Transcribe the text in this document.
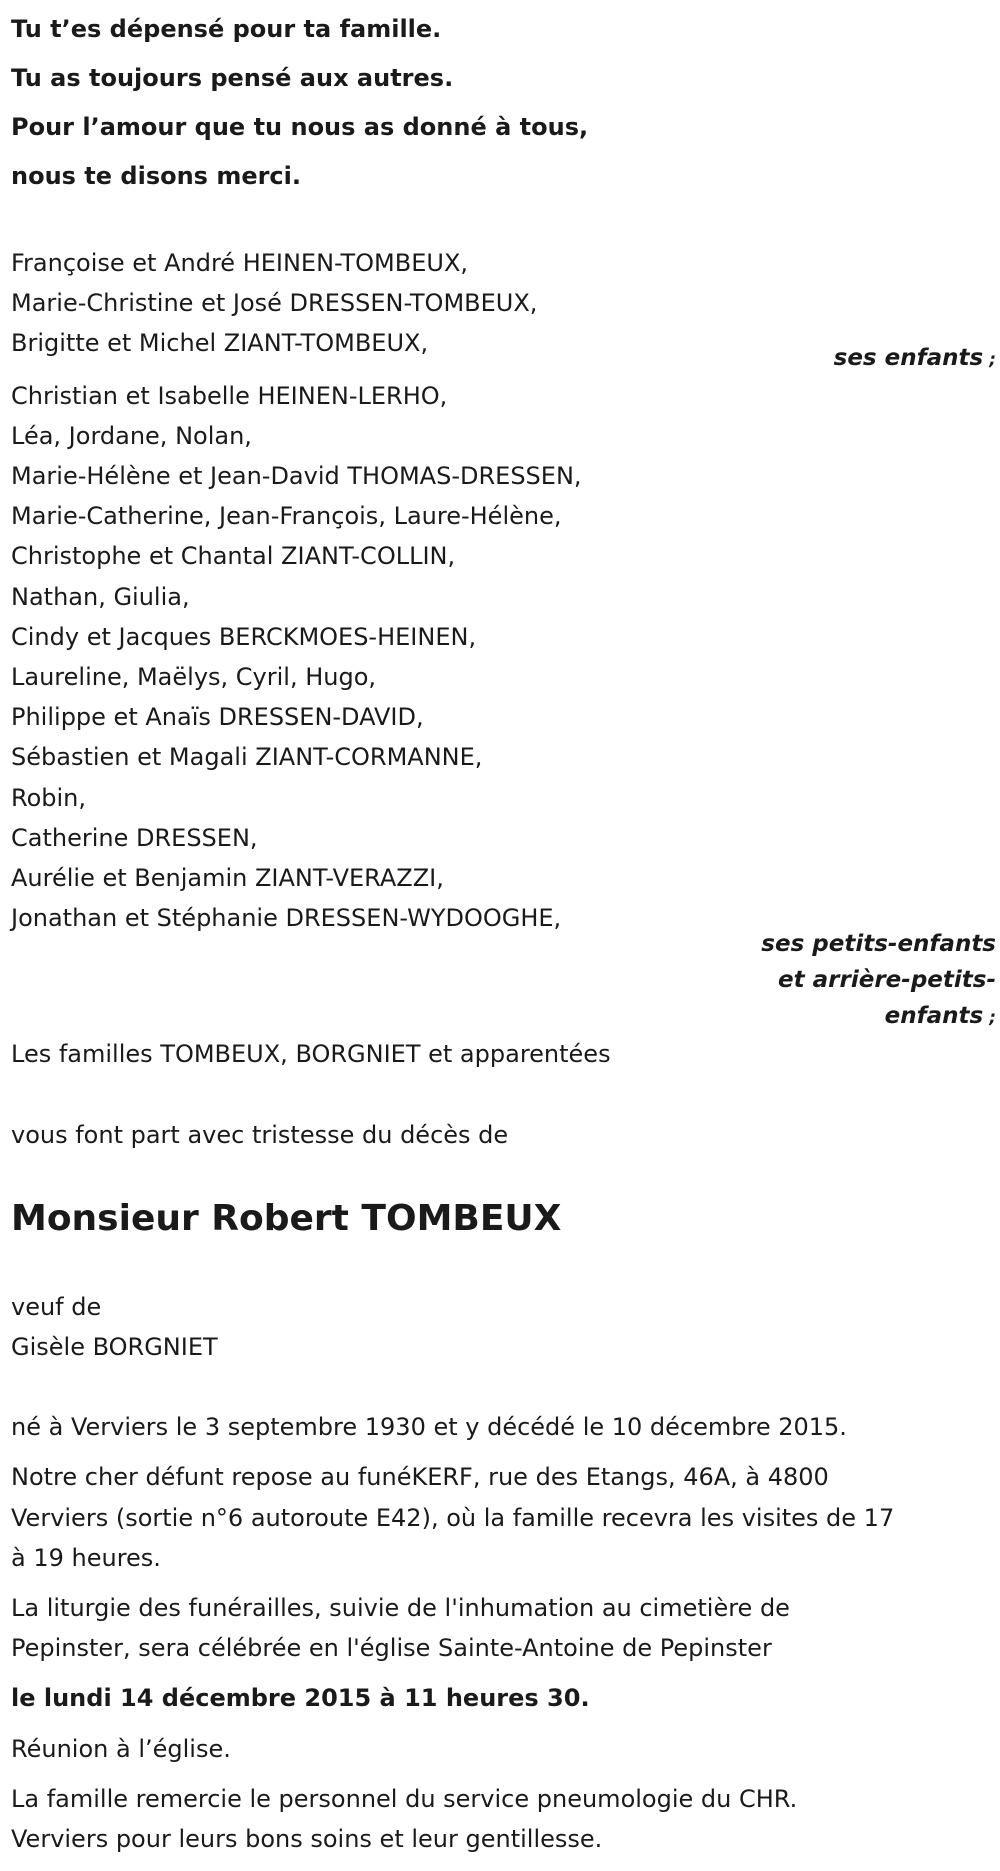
Tu t’es dépensé pour ta famille.
Tu as toujours pensé aux autres.
Pour l’amour que tu nous as donné à tous,
nous te disons merci.
Françoise et André HEINEN-TOMBEUX,
Marie-Christine et José DRESSEN-TOMBEUX,
Brigitte et Michel ZIANT-TOMBEUX,
ses enfants ;
Christian et Isabelle HEINEN-LERHO,
Léa, Jordane, Nolan,
Marie-Hélène et Jean-David THOMAS-DRESSEN,
Marie-Catherine, Jean-François, Laure-Hélène,
Christophe et Chantal ZIANT-COLLIN,
Nathan, Giulia,
Cindy et Jacques BERCKMOES-HEINEN,
Laureline, Maëlys, Cyril, Hugo,
Philippe et Anaïs DRESSEN-DAVID,
Sébastien et Magali ZIANT-CORMANNE,
Robin,
Catherine DRESSEN,
Aurélie et Benjamin ZIANT-VERAZZI,
Jonathan et Stéphanie DRESSEN-WYDOOGHE,
ses petits-enfants
et arrière-petits-
enfants ;
Les familles TOMBEUX, BORGNIET et apparentées
vous font part avec tristesse du décès de
Monsieur Robert TOMBEUX
veuf de
Gisèle BORGNIET
né à Verviers le 3 septembre 1930 et y décédé le 10 décembre 2015.
Notre cher défunt repose au funéKERF, rue des Etangs, 46A, à 4800
Verviers (sortie n°6 autoroute E42), où la famille recevra les visites de 17
à 19 heures.
La liturgie des funérailles, suivie de l'inhumation au cimetière de
Pepinster, sera célébrée en l'église Sainte-Antoine de Pepinster
le lundi 14 décembre 2015 à 11 heures 30.
Réunion à l’église.
La famille remercie le personnel du service pneumologie du CHR.
Verviers pour leurs bons soins et leur gentillesse.
